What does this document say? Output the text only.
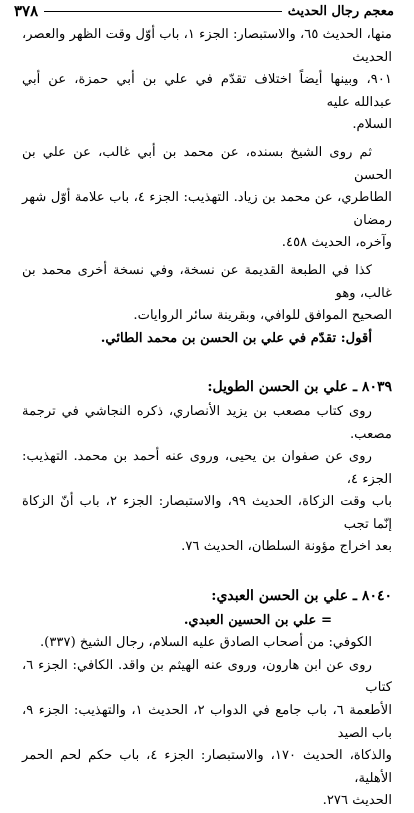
٣٧٨	معجم رجال الحديث

منها، الحديث ٦٥، والاستبصار: الجزء ١، باب أوّل وقت الظهر والعصر، الحديث

٩٠١، وبينها أيضاً اختلاف تقدّم في علي بن أبي حمزة، عن أبي عبدالله عليه

السلام.

ثم روى الشيخ بسنده، عن محمد بن أبي غالب، عن علي بن الحسن

الطاطري، عن محمد بن زياد. التهذيب: الجزء ٤، باب علامة أوّل شهر رمضان

وآخره، الحديث ٤٥٨.

كذا في الطبعة القديمة عن نسخة، وفي نسخة أخرى محمد بن غالب، وهو

الصحيح الموافق للوافي، وبقرينة سائر الروايات.

أقول: تقدّم في علي بن الحسن بن محمد الطائي.

٨٠٣٩ ـ علي بن الحسن الطويل:

روى كتاب مصعب بن يزيد الأنصاري، ذكره النجاشي في ترجمة مصعب.

روى عن صفوان بن يحيى، وروى عنه أحمد بن محمد. التهذيب: الجزء ٤،

باب وقت الزكاة، الحديث ٩٩، والاستبصار: الجزء ٢، باب أنّ الزكاة إنّما تجب

بعد اخراج مؤونة السلطان، الحديث ٧٦.

٨٠٤٠ ـ علي بن الحسن العبدي:

= علي بن الحسين العبدي.

الكوفي: من أصحاب الصادق عليه السلام، رجال الشيخ (٣٣٧).

روى عن ابن هارون، وروى عنه الهيثم بن واقد. الكافي: الجزء ٦، كتاب

الأطعمة ٦، باب جامع في الدواب ٢، الحديث ١، والتهذيب: الجزء ٩، باب الصيد

والذكاة، الحديث ١٧٠، والاستبصار: الجزء ٤، باب حكم لحم الحمر الأهلية،

الحديث ٢٧٦.
